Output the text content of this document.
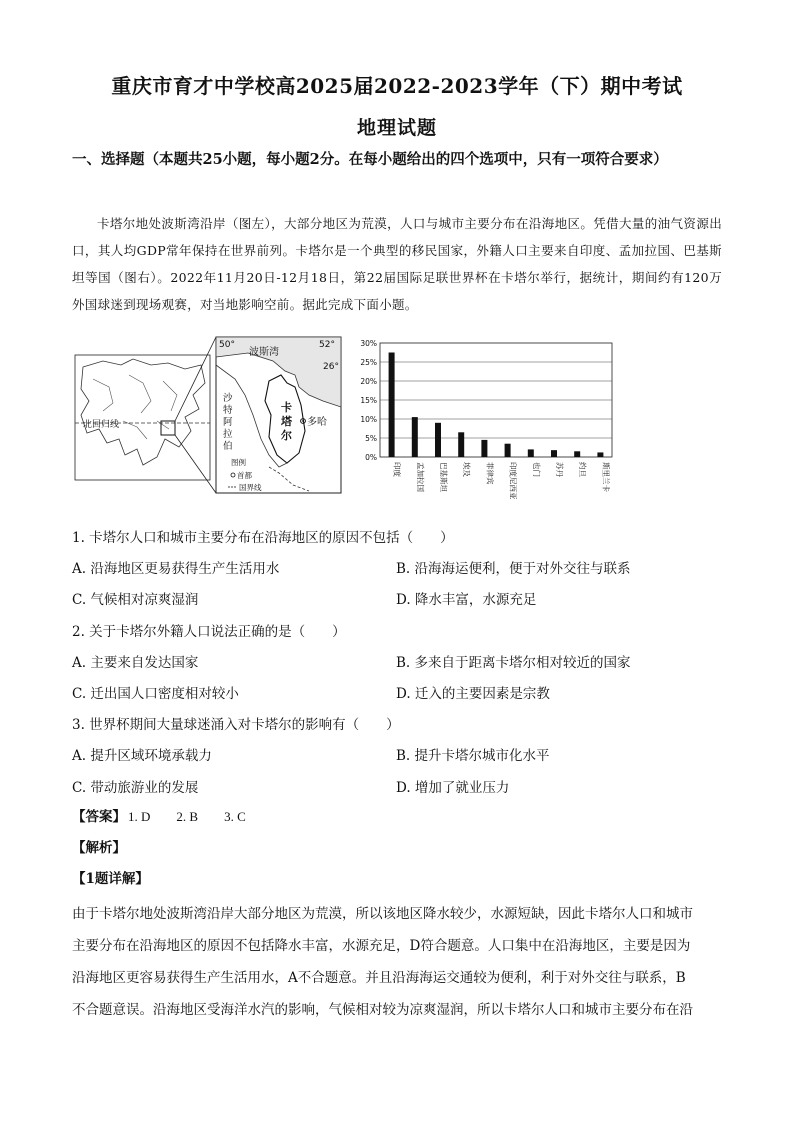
重庆市育才中学校高2025届2022-2023学年（下）期中考试
地理试题
一、选择题（本题共25小题，每小题2分。在每小题给出的四个选项中，只有一项符合要求）

卡塔尔地处波斯湾沿岸（图左），大部分地区为荒漠，人口与城市主要分布在沿海地区。凭借大量的油气资源出口，其人均GDP常年保持在世界前列。卡塔尔是一个典型的移民国家，外籍人口主要来自印度、孟加拉国、巴基斯坦等国（图右）。2022年11月20日-12月18日，第22届国际足联世界杯在卡塔尔举行，据统计，期间约有120万外国球迷到现场观赛，对当地影响空前。据此完成下面小题。

北回归线
50°	52°
26°
波斯湾
卡
塔
尔
多哈
沙
特
阿
拉
伯
图例
首都
国界线
0%
5%
10%
15%
20%
25%
30%
印度 孟加拉国 巴基斯坦 埃及 菲律宾 印度尼西亚 也门 苏丹 约旦 斯里兰卡
1. 卡塔尔人口和城市主要分布在沿海地区的原因不包括（　　）
A. 沿海地区更易获得生产生活用水	B. 沿海海运便利，便于对外交往与联系
C. 气候相对凉爽湿润	D. 降水丰富，水源充足
2. 关于卡塔尔外籍人口说法正确的是（　　）
A. 主要来自发达国家	B. 多来自于距离卡塔尔相对较近的国家
C. 迁出国人口密度相对较小	D. 迁入的主要因素是宗教
3. 世界杯期间大量球迷涌入对卡塔尔的影响有（　　）
A. 提升区域环境承载力	B. 提升卡塔尔城市化水平
C. 带动旅游业的发展	D. 增加了就业压力
【答案】 1. D 2. B 3. C
【解析】
【1题详解】

由于卡塔尔地处波斯湾沿岸大部分地区为荒漠，所以该地区降水较少，水源短缺，因此卡塔尔人口和城市

主要分布在沿海地区的原因不包括降水丰富，水源充足，D符合题意。人口集中在沿海地区，主要是因为

沿海地区更容易获得生产生活用水，A不合题意。并且沿海海运交通较为便利，利于对外交往与联系，B

不合题意误。沿海地区受海洋水汽的影响，气候相对较为凉爽湿润，所以卡塔尔人口和城市主要分布在沿
